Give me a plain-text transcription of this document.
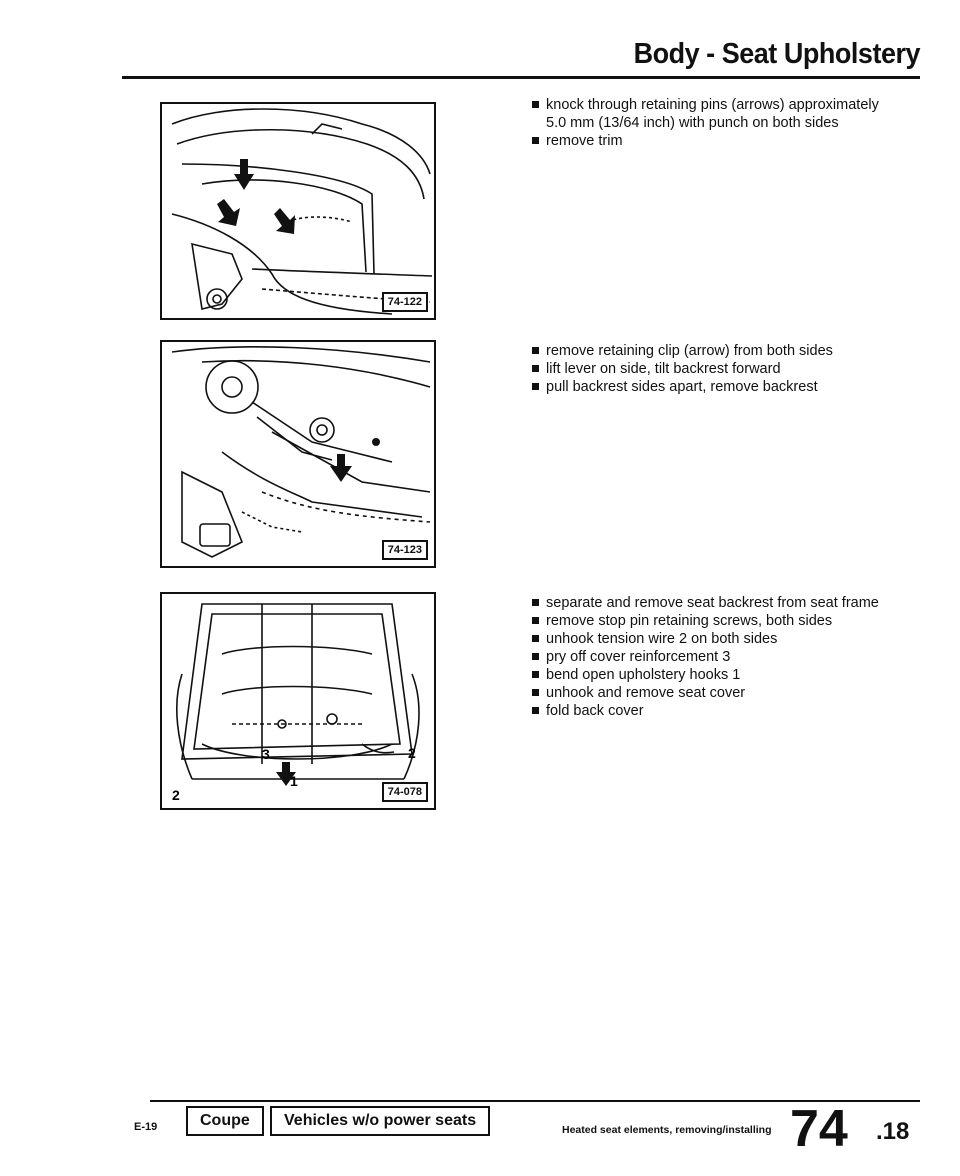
Body - Seat Upholstery
74-122
74-123
3	2
1
2	74-078
knock through retaining pins (arrows) approximately 5.0 mm (13/64 inch) with punch on both sides
remove trim
remove retaining clip (arrow) from both sides
lift lever on side, tilt backrest forward
pull backrest sides apart, remove backrest
separate and remove seat backrest from seat frame
remove stop pin retaining screws, both sides
unhook tension wire 2 on both sides
pry off cover reinforcement 3
bend open upholstery hooks 1
unhook and remove seat cover
fold back cover
E-19	Coupe	Vehicles w/o power seats
Heated seat elements, removing/installing 74 .18
